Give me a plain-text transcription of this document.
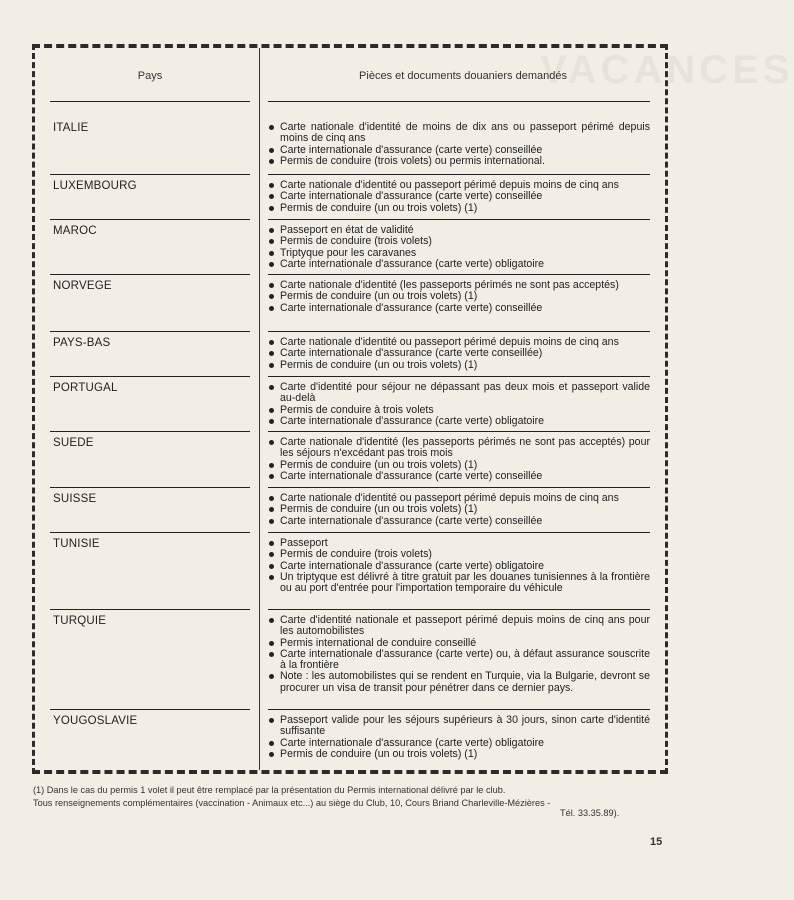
VACANCES
Pays	Pièces et documents douaniers demandés
ITALIE	Carte nationale d'identité de moins de dix ans ou passeport périmé depuis moins de cinq ans
Carte internationale d'assurance (carte verte) conseillée
Permis de conduire (trois volets) ou permis international.
LUXEMBOURG	Carte nationale d'identité ou passeport périmé depuis moins de cinq ans
Carte internationale d'assurance (carte verte) conseillée
Permis de conduire (un ou trois volets) (1)
MAROC	Passeport en état de validité
Permis de conduire (trois volets)
Triptyque pour les caravanes
Carte internationale d'assurance (carte verte) obligatoire
NORVEGE	Carte nationale d'identité (les passeports périmés ne sont pas acceptés)
Permis de conduire (un ou trois volets) (1)
Carte internationale d'assurance (carte verte) conseillée
PAYS-BAS	Carte nationale d'identité ou passeport périmé depuis moins de cinq ans
Carte internationale d'assurance (carte verte conseillée)
Permis de conduire (un ou trois volets) (1)
PORTUGAL	Carte d'identité pour séjour ne dépassant pas deux mois et passeport valide au-delà
Permis de conduire à trois volets
Carte internationale d'assurance (carte verte) obligatoire
SUEDE	Carte nationale d'identité (les passeports périmés ne sont pas acceptés) pour les séjours n'excédant pas trois mois
Permis de conduire (un ou trois volets) (1)
Carte internationale d'assurance (carte verte) conseillée
SUISSE	Carte nationale d'identité ou passeport périmé depuis moins de cinq ans
Permis de conduire (un ou trois volets) (1)
Carte internationale d'assurance (carte verte) conseillée
TUNISIE	Passeport
Permis de conduire (trois volets)
Carte internationale d'assurance (carte verte) obligatoire
Un triptyque est délivré à titre gratuit par les douanes tunisiennes à la frontière ou au port d'entrée pour l'importation temporaire du véhicule
TURQUIE	Carte d'identité nationale et passeport périmé depuis moins de cinq ans pour les automobilistes
Permis international de conduire conseillé
Carte internationale d'assurance (carte verte) ou, à défaut assurance souscrite à la frontière
Note : les automobilistes qui se rendent en Turquie, via la Bulgarie, devront se procurer un visa de transit pour pénétrer dans ce dernier pays.
YOUGOSLAVIE	Passeport valide pour les séjours supérieurs à 30 jours, sinon carte d'identité suffisante
Carte internationale d'assurance (carte verte) obligatoire
Permis de conduire (un ou trois volets) (1)
(1) Dans le cas du permis 1 volet il peut être remplacé par la présentation du Permis international délivré par le club.
Tous renseignements complémentaires (vaccination - Animaux etc...) au siège du Club, 10, Cours Briand Charleville-Mézières -
Tél. 33.35.89).
15
